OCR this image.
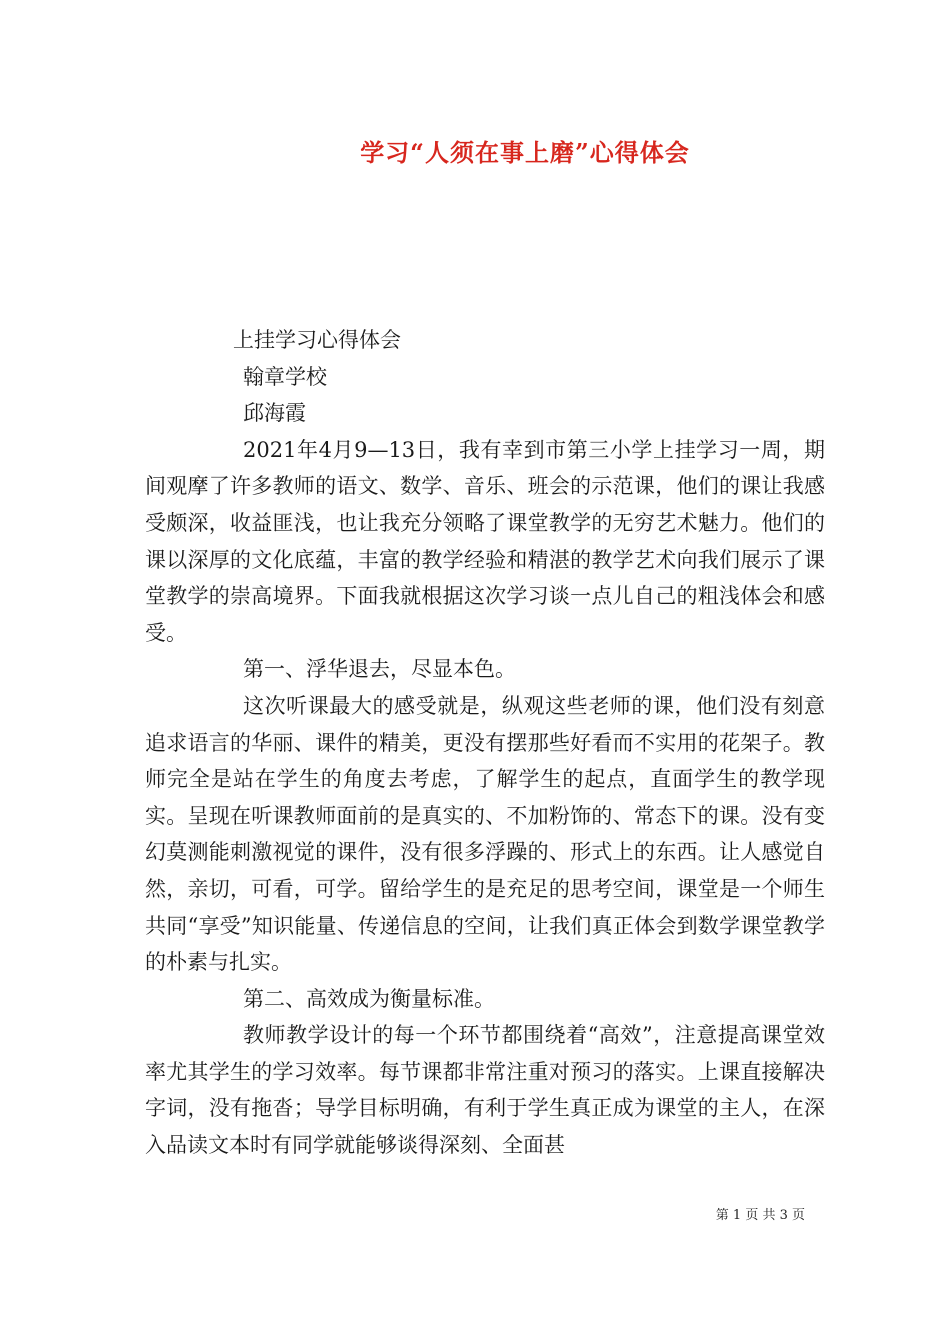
学习“人须在事上磨”心得体会

上挂学习心得体会

翰章学校

邱海霞

2021年4月9—13日，我有幸到市第三小学上挂学习一周，期间观摩了许多教师的语文、数学、音乐、班会的示范课，他们的课让我感受颇深，收益匪浅，也让我充分领略了课堂教学的无穷艺术魅力。他们的课以深厚的文化底蕴，丰富的教学经验和精湛的教学艺术向我们展示了课堂教学的崇高境界。下面我就根据这次学习谈一点儿自己的粗浅体会和感受。

第一、浮华退去，尽显本色。

这次听课最大的感受就是，纵观这些老师的课，他们没有刻意追求语言的华丽、课件的精美，更没有摆那些好看而不实用的花架子。教师完全是站在学生的角度去考虑，了解学生的起点，直面学生的教学现实。呈现在听课教师面前的是真实的、不加粉饰的、常态下的课。没有变幻莫测能刺激视觉的课件，没有很多浮躁的、形式上的东西。让人感觉自然，亲切，可看，可学。留给学生的是充足的思考空间，课堂是一个师生共同“享受”知识能量、传递信息的空间，让我们真正体会到数学课堂教学的朴素与扎实。

第二、高效成为衡量标准。

教师教学设计的每一个环节都围绕着“高效”，注意提高课堂效率尤其学生的学习效率。每节课都非常注重对预习的落实。上课直接解决字词，没有拖沓；导学目标明确，有利于学生真正成为课堂的主人，在深入品读文本时有同学就能够谈得深刻、全面甚

第 1 页 共 3 页
